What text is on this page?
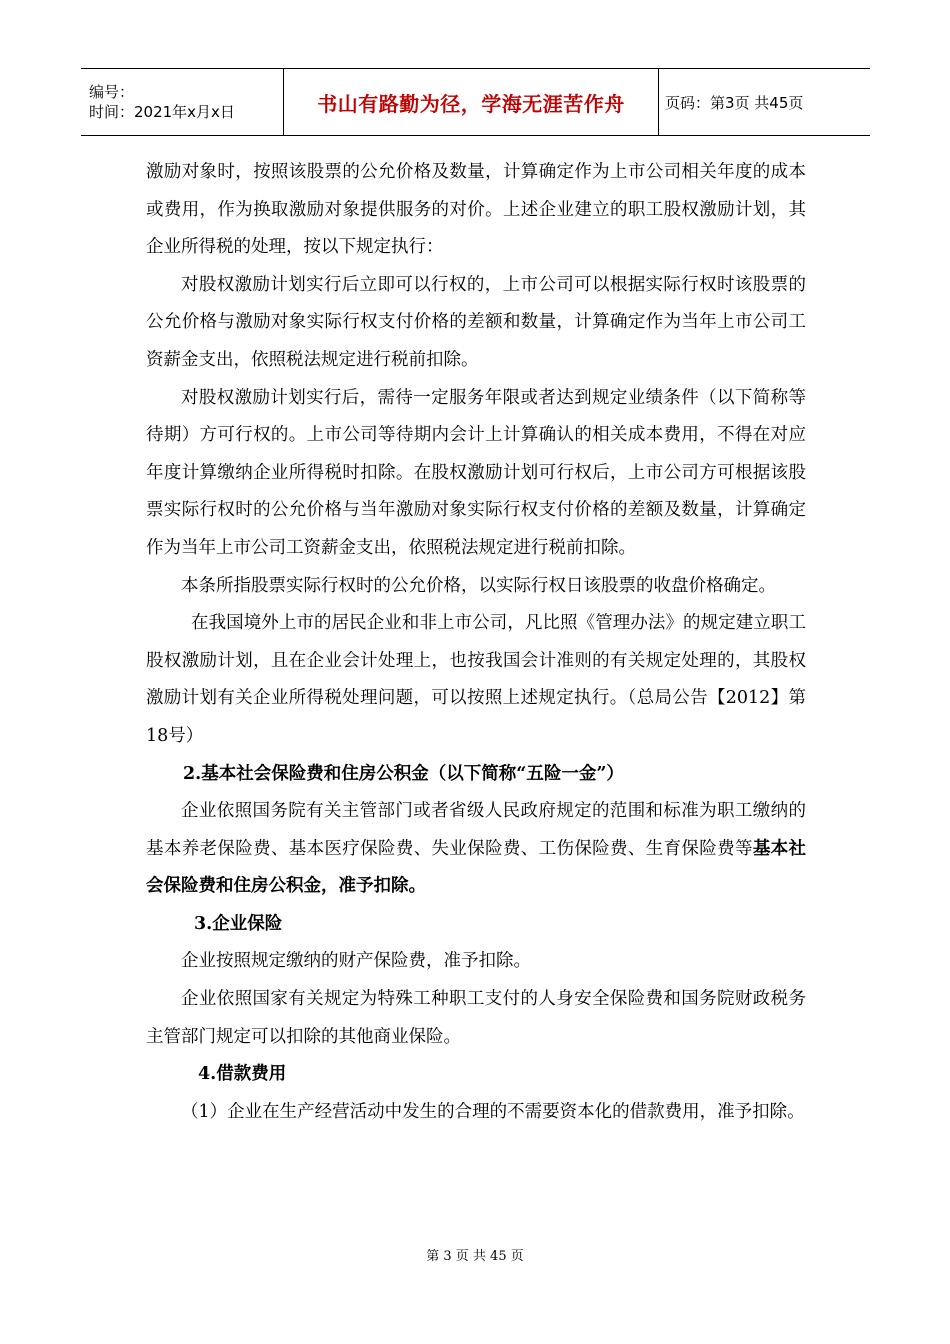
编号：
时间：2021年x月x日	书山有路勤为径，学海无涯苦作舟	页码：第3页 共45页

激励对象时，按照该股票的公允价格及数量，计算确定作为上市公司相关年度的成本或费用，作为换取激励对象提供服务的对价。上述企业建立的职工股权激励计划，其企业所得税的处理，按以下规定执行：

对股权激励计划实行后立即可以行权的，上市公司可以根据实际行权时该股票的公允价格与激励对象实际行权支付价格的差额和数量，计算确定作为当年上市公司工资薪金支出，依照税法规定进行税前扣除。

对股权激励计划实行后，需待一定服务年限或者达到规定业绩条件（以下简称等待期）方可行权的。上市公司等待期内会计上计算确认的相关成本费用，不得在对应年度计算缴纳企业所得税时扣除。在股权激励计划可行权后，上市公司方可根据该股票实际行权时的公允价格与当年激励对象实际行权支付价格的差额及数量，计算确定作为当年上市公司工资薪金支出，依照税法规定进行税前扣除。

本条所指股票实际行权时的公允价格，以实际行权日该股票的收盘价格确定。

在我国境外上市的居民企业和非上市公司，凡比照《管理办法》的规定建立职工股权激励计划，且在企业会计处理上，也按我国会计准则的有关规定处理的，其股权激励计划有关企业所得税处理问题，可以按照上述规定执行。（总局公告【2012】第18号）

2.基本社会保险费和住房公积金（以下简称“五险一金”）

企业依照国务院有关主管部门或者省级人民政府规定的范围和标准为职工缴纳的基本养老保险费、基本医疗保险费、失业保险费、工伤保险费、生育保险费等基本社会保险费和住房公积金，准予扣除。

3.企业保险

企业按照规定缴纳的财产保险费，准予扣除。

企业依照国家有关规定为特殊工种职工支付的人身安全保险费和国务院财政税务主管部门规定可以扣除的其他商业保险。

4.借款费用

（1）企业在生产经营活动中发生的合理的不需要资本化的借款费用，准予扣除。

第 3 页 共 45 页
